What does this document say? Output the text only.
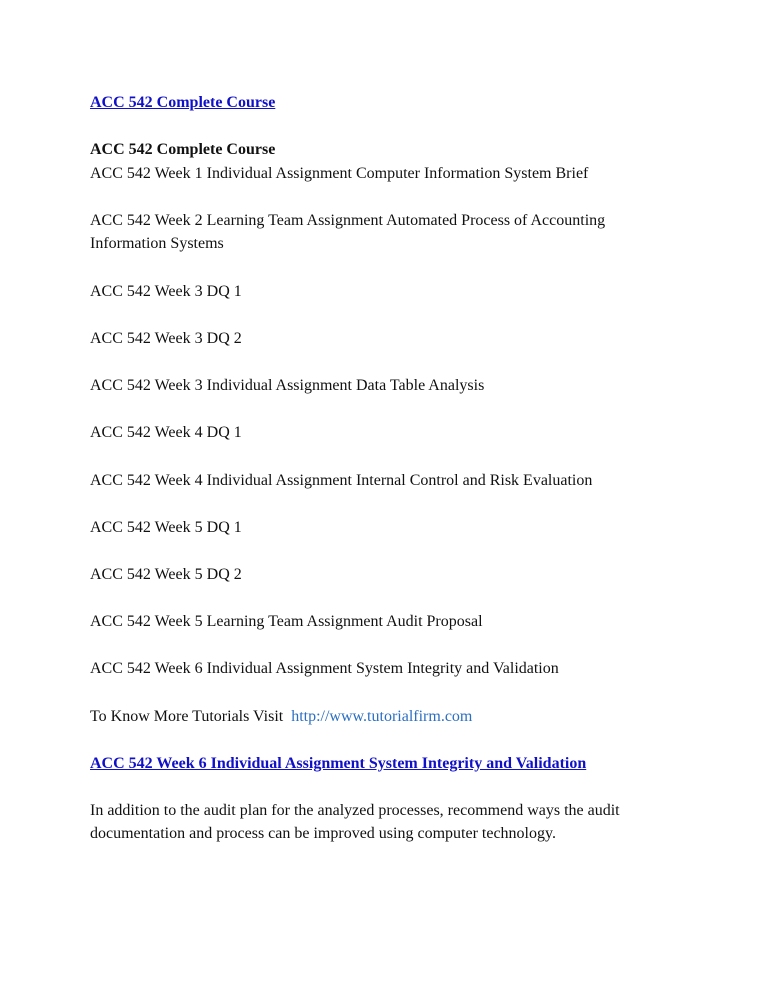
ACC 542 Complete Course
ACC 542 Complete Course
ACC 542 Week 1 Individual Assignment Computer Information System Brief
ACC 542 Week 2 Learning Team Assignment Automated Process of Accounting
Information Systems
ACC 542 Week 3 DQ 1
ACC 542 Week 3 DQ 2
ACC 542 Week 3 Individual Assignment Data Table Analysis
ACC 542 Week 4 DQ 1
ACC 542 Week 4 Individual Assignment Internal Control and Risk Evaluation
ACC 542 Week 5 DQ 1
ACC 542 Week 5 DQ 2
ACC 542 Week 5 Learning Team Assignment Audit Proposal
ACC 542 Week 6 Individual Assignment System Integrity and Validation
To Know More Tutorials Visit http://www.tutorialfirm.com
ACC 542 Week 6 Individual Assignment System Integrity and Validation
In addition to the audit plan for the analyzed processes, recommend ways the audit
documentation and process can be improved using computer technology.
